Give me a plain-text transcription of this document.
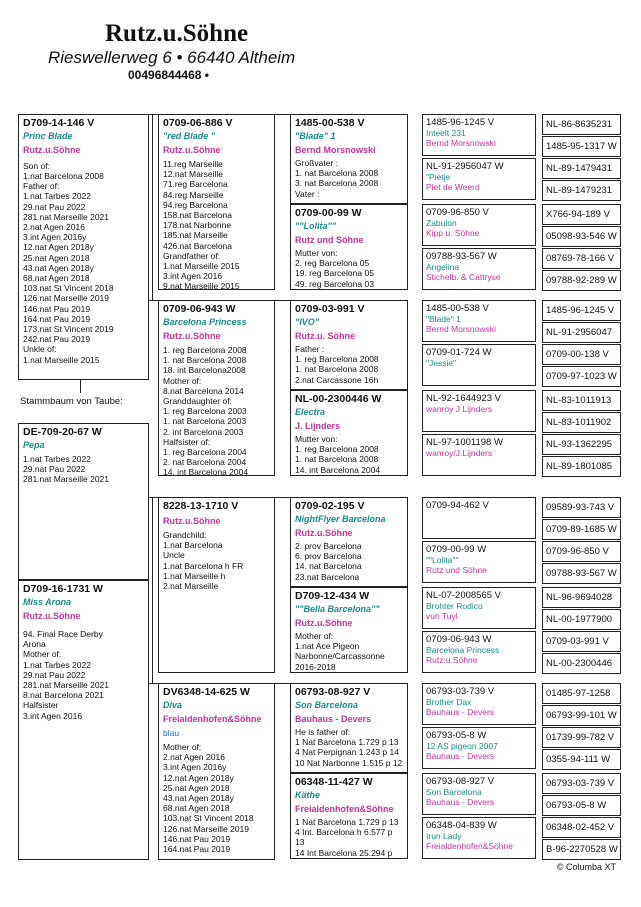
Rutz.u.Söhne
Rieswellerweg 6 • 66440 Altheim
00496844468 •
D709-14-146 V
Princ Blade
Rutz.u.Söhne
Son of:
1.nat Barcelona 2008
Father of:
1.nat Tarbes 2022
29.nat Pau 2022
281.nat Marseille 2021
2.nat Agen 2016
3.int Agen 2016y
12.nat Agen 2018y
25.nat Agen 2018
43.nat Agen 2018y
68.nat Agen 2018
103.nat St Vincent 2018
126.nat Marseille 2019
146.nat Pau 2019
164.nat Pau 2019
173.nat St Vincent 2019
242.nat Pau 2019
Unkle of:
1.nat Marseille 2015
Stammbaum von Taube:
DE-709-20-67 W
Pepa
1.nat Tarbes 2022
29.nat Pau 2022
281.nat Marseille 2021
D709-16-1731 W
Miss Arona
Rutz.u.Söhne
94. Final Race Derby
Arona
Mother of:
1.nat Tarbes 2022
29.nat Pau 2022
281.nat Marseille 2021
8.nat Barcelona 2021
Halfsister
3.int Agen 2016
0709-06-886 V
"red Blade "
Rutz.u.Söhne
11.reg Marseille
12.nat Marseille
71.reg Barcelona
84.reg Marseille
94.reg Barcelona
158.nat Barcelona
178.nat Narbonne
185.nat Marseille
426.nat Barcelona
Grandfather of:
1.nat Marseille 2015
3.int Agen 2016
9.nat Marseille 2015
0709-06-943 W
Barcelona Princess
Rutz.u.Söhne
1. reg Barcelona 2008
1. nat Barcelona 2008
18. int Barcelona2008
Mother of:
8.nat Barcelona 2014
Granddaughter of:
1. reg Barcelona 2003
1. nat Barcelona 2003
2. int Barcelona 2003
Halfsister of:
1. reg Barcelona 2004
2. nat Barcelona 2004
14. int Barcelona 2004
8228-13-1710 V
Rutz.u.Söhne
Grandchild:
1.nat Barcelona
Uncle
1.nat Barcelona h FR
1.nat Marseille h
2.nat Marseille
DV6348-14-625 W
Diva
Freialdenhofen&Söhne
blau
Mother of:
2.nat Agen 2016
3.int Agen 2016y
12.nat Agen 2018y
25.nat Agen 2018
43.nat Agen 2018y
68.nat Agen 2018
103.nat St Vincent 2018
126.nat Marseille 2019
146.nat Pau 2019
164.nat Pau 2019
1485-00-538 V
"Blade" 1
Bernd Morsnowski
Großvater :
1. nat Barcelona 2008
3. nat Barcelona 2008
Vater :
0709-00-99 W
""Lolita""
Rutz und Söhne
Mutter von:
2. reg Barcelona 05
19. reg Barcelona 05
49. reg Barcelona 03
0709-03-991 V
"IVO"
Rutz.u. Söhne
Father :
1. reg Barcelona 2008
1. nat Barcelona 2008
2.nat Carcassone 16h
NL-00-2300446 W
Electra
J. Lijnders
Mutter von:
1. reg Barcelona 2008
1. nat Barcelona 2008
14. int Barcelona 2004
0709-02-195 V
NightFlyer Barcelona
Rutz.u.Söhne
2. prov Barcelona
6. prov Barcelona
14. nat Barcelona
23.nat Barcelona
D709-12-434 W
""Bella Barcelona""
Rutz.u.Söhne
Mother of:
1.nat Ace Pigeon
Narbonne/Carcassonne
2016-2018
06793-08-927 V
Son Barcelona
Bauhaus - Devers
He is father of:
1 Nat Barcelona 1.729 p 13
4 Nat Perpignan 1.243 p 14
10 Nat Narbonne 1.515 p 12
06348-11-427 W
Käthe
Freialdenhofen&Söhne
1 Nat Barcelona 1.729 p 13
4 Int. Barcelona h 6.577 p
13
14 Int Barcelona 25.294 p
1485-96-1245 V
Inteelt 231
Bernd Morsnowski
NL-91-2956047 W
"Pietje
Piet de Weerd
0709-96-850 V
Zabulon
Kipp u. Söhne
09788-93-567 W
Angelina
Stichelb. & Cattryse
1485-00-538 V
"Blade" 1
Bernd Morsnowski
0709-01-724 W
"Jessie"
NL-92-1644923 V
wanroy J Lijnders
NL-97-1001198 W
wanroy/J.Lijnders
0709-94-462 V
0709-00-99 W
""Lolita""
Rutz und Söhne
NL-07-2008565 V
Brohter Rodico
vun Tuyl
0709-06-943 W
Barcelona Princess
Rutz.u.Söhne
06793-03-739 V
Brother Dax
Bauhaus - Devers
06793-05-8 W
12 AS pigeon 2007
Bauhaus - Devers
06793-08-927 V
Son Barcelona
Bauhaus - Devers
06348-04-839 W
Irun Lady
Freialdenhofen&Söhne
NL-86-8635231
1485-95-1317 W
NL-89-1479431
NL-89-1479231
X766-94-189 V
05098-93-546 W
08769-78-166 V
09788-92-289 W
1485-96-1245 V
NL-91-2956047
0709-00-138 V
0709-97-1023 W
NL-83-1011913
NL-83-1011902
NL-93-1362295
NL-89-1801085
09589-93-743 V
0709-89-1685 W
0709-96-850 V
09788-93-567 W
NL-96-9694028
NL-00-1977900
0709-03-991 V
NL-00-2300446
01485-97-1258
06793-99-101 W
01739-99-782 V
0355-94-111 W
06793-03-739 V
06793-05-8 W
06348-02-452 V
B-96-2270528 W
© Columba XT
